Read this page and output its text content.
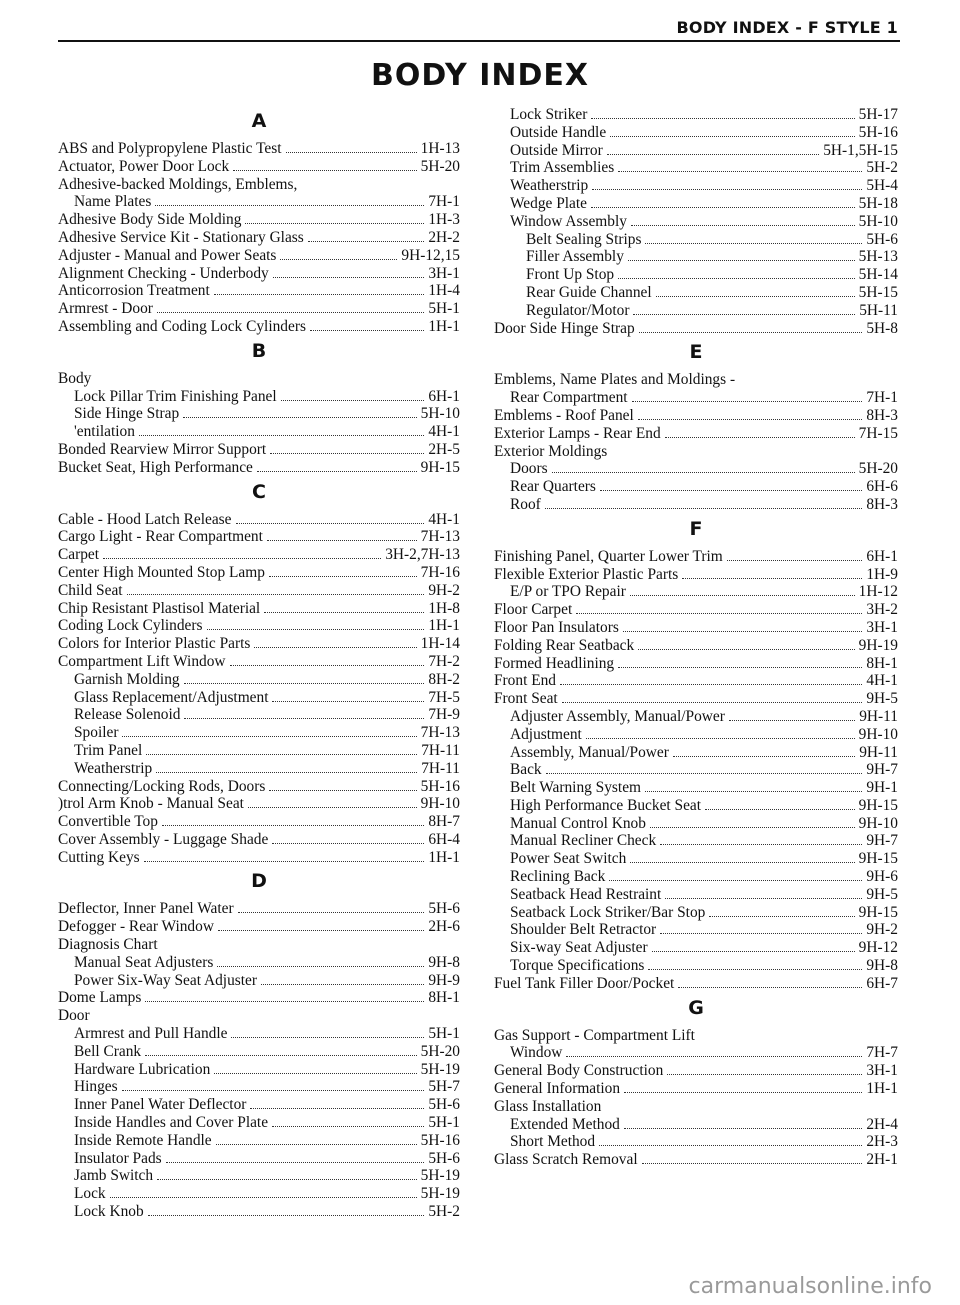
BODY INDEX - F STYLE 1
BODY INDEX
A
ABS and Polypropylene Plastic Test	1H-13
Actuator, Power Door Lock	5H-20
Adhesive-backed Moldings, Emblems,
Name Plates	7H-1
Adhesive Body Side Molding	1H-3
Adhesive Service Kit - Stationary Glass	2H-2
Adjuster - Manual and Power Seats	9H-12,15
Alignment Checking - Underbody	3H-1
Anticorrosion Treatment	1H-4
Armrest - Door	5H-1
Assembling and Coding Lock Cylinders	1H-1
B
Body
Lock Pillar Trim Finishing Panel	6H-1
Side Hinge Strap	5H-10
'entilation	4H-1
Bonded Rearview Mirror Support	2H-5
Bucket Seat, High Performance	9H-15
C
Cable - Hood Latch Release	4H-1
Cargo Light - Rear Compartment	7H-13
Carpet	3H-2,7H-13
Center High Mounted Stop Lamp	7H-16
Child Seat	9H-2
Chip Resistant Plastisol Material	1H-8
Coding Lock Cylinders	1H-1
Colors for Interior Plastic Parts	1H-14
Compartment Lift Window	7H-2
Garnish Molding	8H-2
Glass Replacement/Adjustment	7H-5
Release Solenoid	7H-9
Spoiler	7H-13
Trim Panel	7H-11
Weatherstrip	7H-11
Connecting/Locking Rods, Doors	5H-16
)trol Arm Knob - Manual Seat	9H-10
Convertible Top	8H-7
Cover Assembly - Luggage Shade	6H-4
Cutting Keys	1H-1
D
Deflector, Inner Panel Water	5H-6
Defogger - Rear Window	2H-6
Diagnosis Chart
Manual Seat Adjusters	9H-8
Power Six-Way Seat Adjuster	9H-9
Dome Lamps	8H-1
Door
Armrest and Pull Handle	5H-1
Bell Crank	5H-20
Hardware Lubrication	5H-19
Hinges	5H-7
Inner Panel Water Deflector	5H-6
Inside Handles and Cover Plate	5H-1
Inside Remote Handle	5H-16
Insulator Pads	5H-6
Jamb Switch	5H-19
Lock	5H-19
Lock Knob	5H-2
Lock Striker	5H-17
Outside Handle	5H-16
Outside Mirror	5H-1,5H-15
Trim Assemblies	5H-2
Weatherstrip	5H-4
Wedge Plate	5H-18
Window Assembly	5H-10
Belt Sealing Strips	5H-6
Filler Assembly	5H-13
Front Up Stop	5H-14
Rear Guide Channel	5H-15
Regulator/Motor	5H-11
Door Side Hinge Strap	5H-8
E
Emblems, Name Plates and Moldings -
Rear Compartment	7H-1
Emblems - Roof Panel	8H-3
Exterior Lamps - Rear End	7H-15
Exterior Moldings
Doors	5H-20
Rear Quarters	6H-6
Roof	8H-3
F
Finishing Panel, Quarter Lower Trim	6H-1
Flexible Exterior Plastic Parts	1H-9
E/P or TPO Repair	1H-12
Floor Carpet	3H-2
Floor Pan Insulators	3H-1
Folding Rear Seatback	9H-19
Formed Headlining	8H-1
Front End	4H-1
Front Seat	9H-5
Adjuster Assembly, Manual/Power	9H-11
Adjustment	9H-10
Assembly, Manual/Power	9H-11
Back	9H-7
Belt Warning System	9H-1
High Performance Bucket Seat	9H-15
Manual Control Knob	9H-10
Manual Recliner Check	9H-7
Power Seat Switch	9H-15
Reclining Back	9H-6
Seatback Head Restraint	9H-5
Seatback Lock Striker/Bar Stop	9H-15
Shoulder Belt Retractor	9H-2
Six-way Seat Adjuster	9H-12
Torque Specifications	9H-8
Fuel Tank Filler Door/Pocket	6H-7
G
Gas Support - Compartment Lift
Window	7H-7
General Body Construction	3H-1
General Information	1H-1
Glass Installation
Extended Method	2H-4
Short Method	2H-3
Glass Scratch Removal	2H-1
carmanualsonline.info
